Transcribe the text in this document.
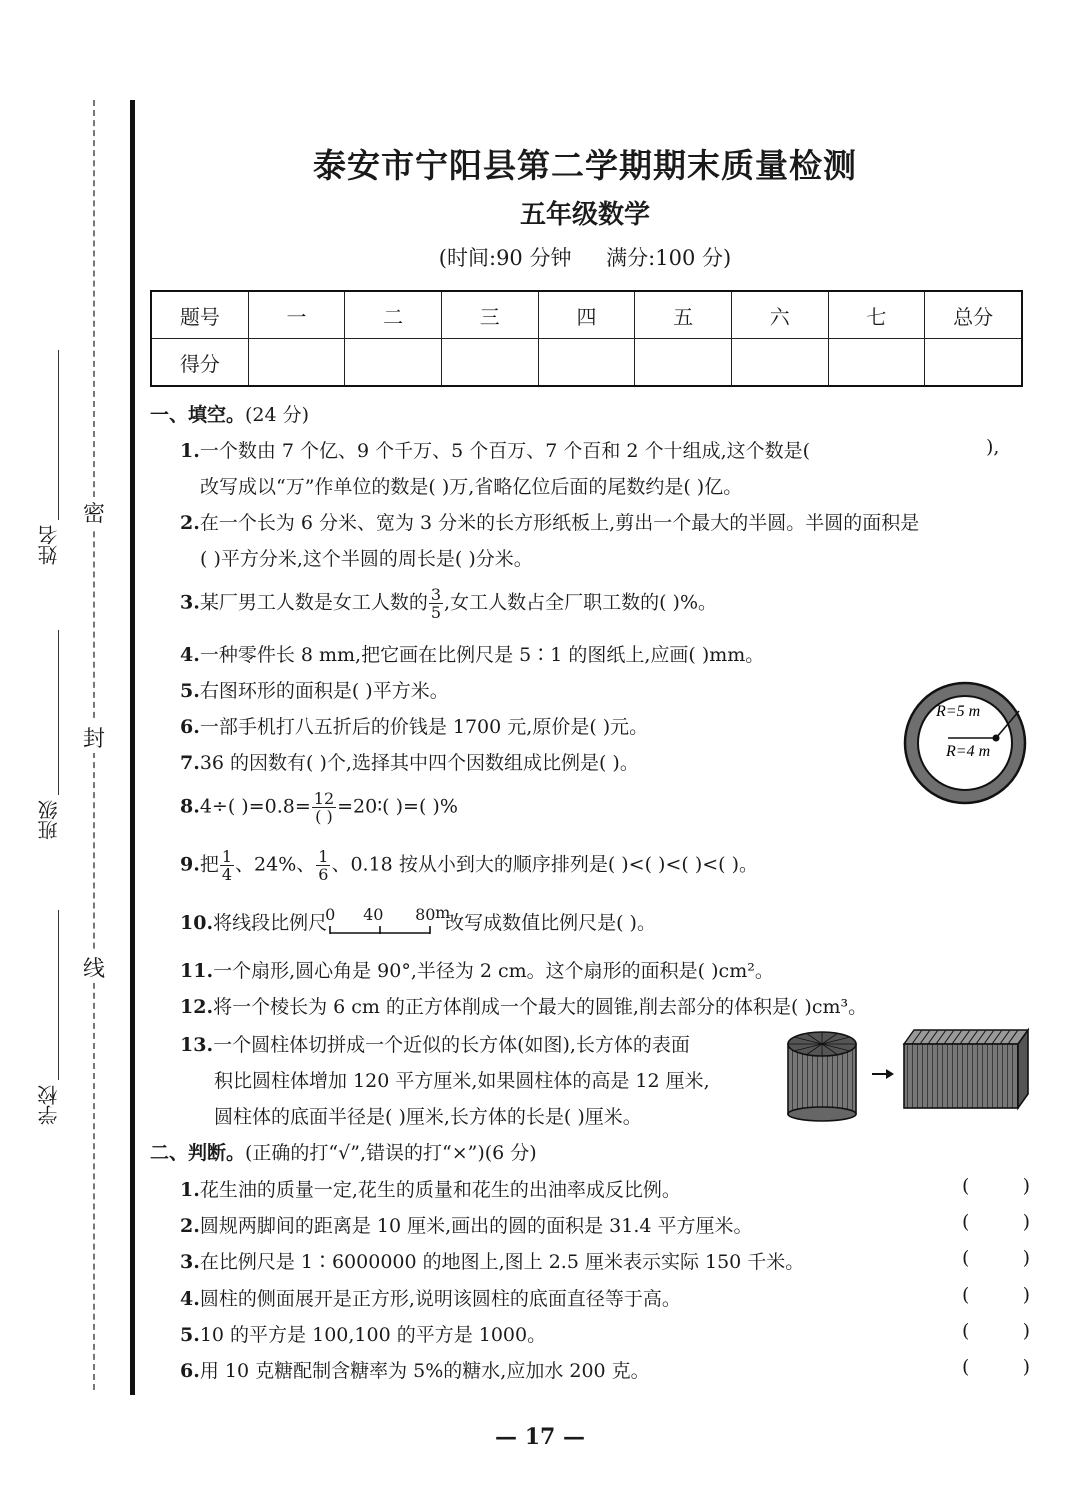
密
封
线
姓名
班级
学校
泰安市宁阳县第二学期期末质量检测
五年级数学
(时间:90 分钟 满分:100 分)
题号	一	二	三	四	五	六	七	总分
得分								
一、填空。(24 分)
1.一个数由 7 个亿、9 个千万、5 个百万、7 个百和 2 个十组成,这个数是(	),
改写成以“万”作单位的数是( )万,省略亿位后面的尾数约是( )亿。
2.在一个长为 6 分米、宽为 3 分米的长方形纸板上,剪出一个最大的半圆。半圆的面积是
( )平方分米,这个半圆的周长是( )分米。
3.某厂男工人数是女工人数的 $\frac{3}{5}$ ,女工人数占全厂职工数的( )%。
4.一种零件长 8 mm,把它画在比例尺是 5∶1 的图纸上,应画( )mm。
5.右图环形的面积是( )平方米。
6.一部手机打八五折后的价钱是 1700 元,原价是( )元。
7.36 的因数有( )个,选择其中四个因数组成比例是( )。
R=5 m
R=4 m
8.4÷( )$=0.8= \frac{12}{( )}$ =20∶( )=( )%
9.把 $\frac{1}{4}$ 、24%、 $\frac{1}{6}$ 、0.18 按从小到大的顺序排列是( )<( )<( )<( )。
10.将线段比例尺
0 40 80 m
改写成数值比例尺是( )。
11.一个扇形,圆心角是 90°,半径为 2 cm。这个扇形的面积是( )cm²。
12.将一个棱长为 6 cm 的正方体削成一个最大的圆锥,削去部分的体积是( )cm³。
13.一个圆柱体切拼成一个近似的长方体(如图),长方体的表面
积比圆柱体增加 120 平方厘米,如果圆柱体的高是 12 厘米,
圆柱体的底面半径是( )厘米,长方体的长是( )厘米。
二、判断。(正确的打“√”,错误的打“×”)(6 分)
1.花生油的质量一定,花生的质量和花生的出油率成反比例。	(	)
2.圆规两脚间的距离是 10 厘米,画出的圆的面积是 31.4 平方厘米。	(	)
3.在比例尺是 1∶6000000 的地图上,图上 2.5 厘米表示实际 150 千米。	(	)
4.圆柱的侧面展开是正方形,说明该圆柱的底面直径等于高。	(	)
5.10 的平方是 100,100 的平方是 1000。	(	)
6.用 10 克糖配制含糖率为 5%的糖水,应加水 200 克。	(	)
— 17 —
